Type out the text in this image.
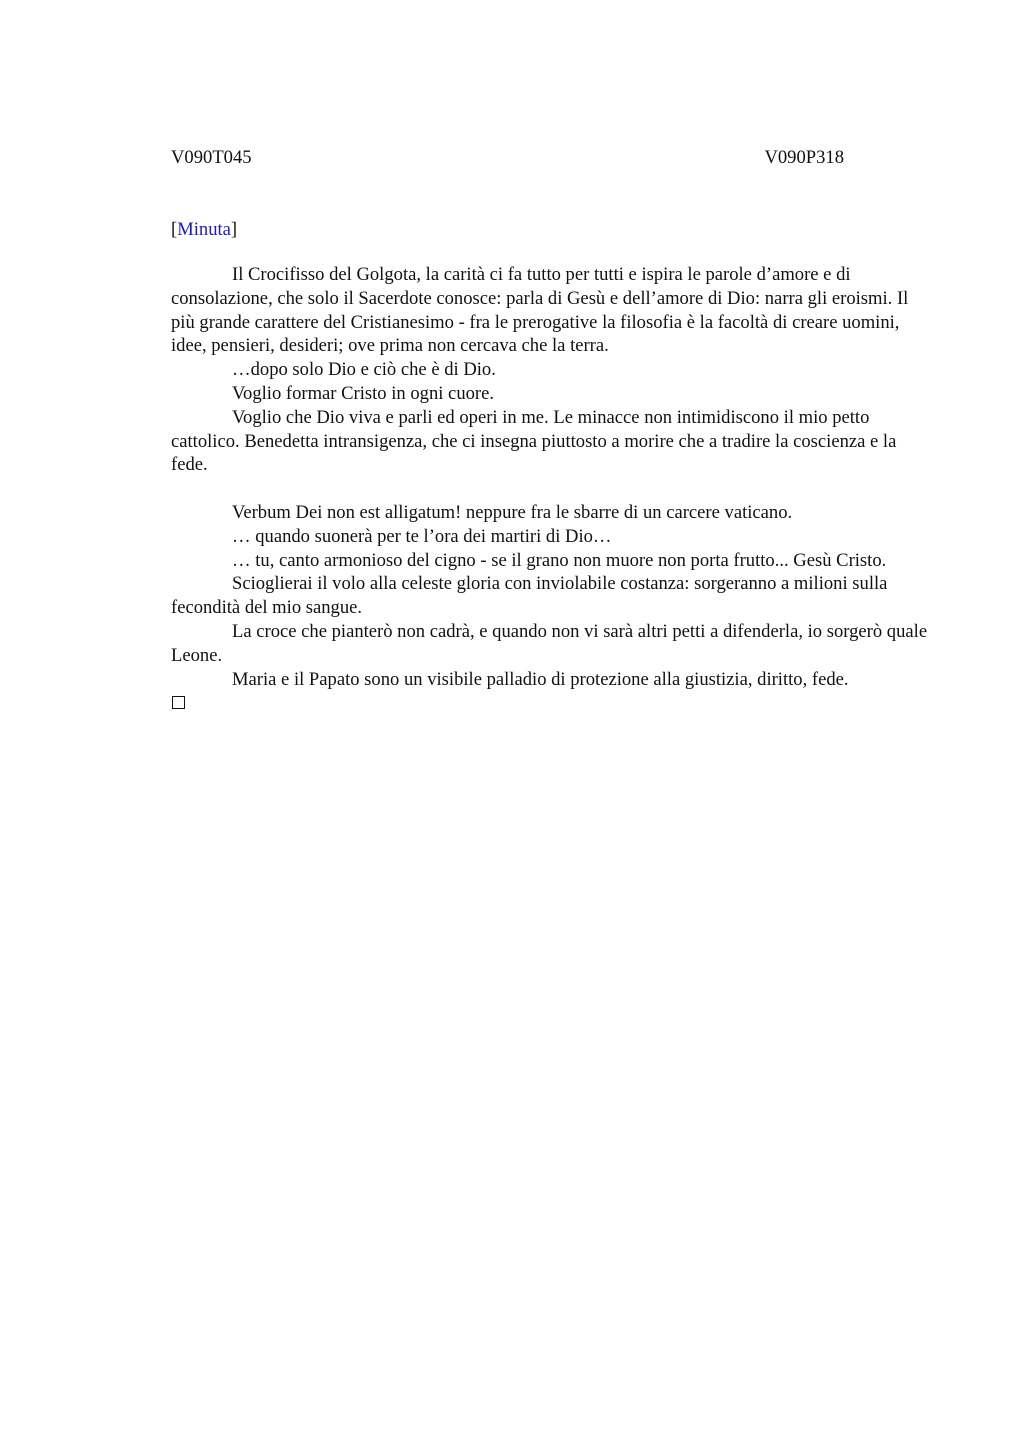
V090T045	V090P318
[Minuta]

Il Crocifisso del Golgota, la carità ci fa tutto per tutti e ispira le parole d’amore e di consolazione, che solo il Sacerdote conosce: parla di Gesù e dell’amore di Dio: narra gli eroismi. Il più grande carattere del Cristianesimo - fra le prerogative la filosofia è la facoltà di creare uomini, idee, pensieri, desideri; ove prima non cercava che la terra.

…dopo solo Dio e ciò che è di Dio.

Voglio formar Cristo in ogni cuore.

Voglio che Dio viva e parli ed operi in me. Le minacce non intimidiscono il mio petto cattolico. Benedetta intransigenza, che ci insegna piuttosto a morire che a tradire la coscienza e la fede.

Verbum Dei non est alligatum! neppure fra le sbarre di un carcere vaticano.

… quando suonerà per te l’ora dei martiri di Dio…

… tu, canto armonioso del cigno - se il grano non muore non porta frutto... Gesù Cristo.

Scioglierai il volo alla celeste gloria con inviolabile costanza: sorgeranno a milioni sulla fecondità del mio sangue.

La croce che pianterò non cadrà, e quando non vi sarà altri petti a difenderla, io sorgerò quale Leone.

Maria e il Papato sono un visibile palladio di protezione alla giustizia, diritto, fede.
